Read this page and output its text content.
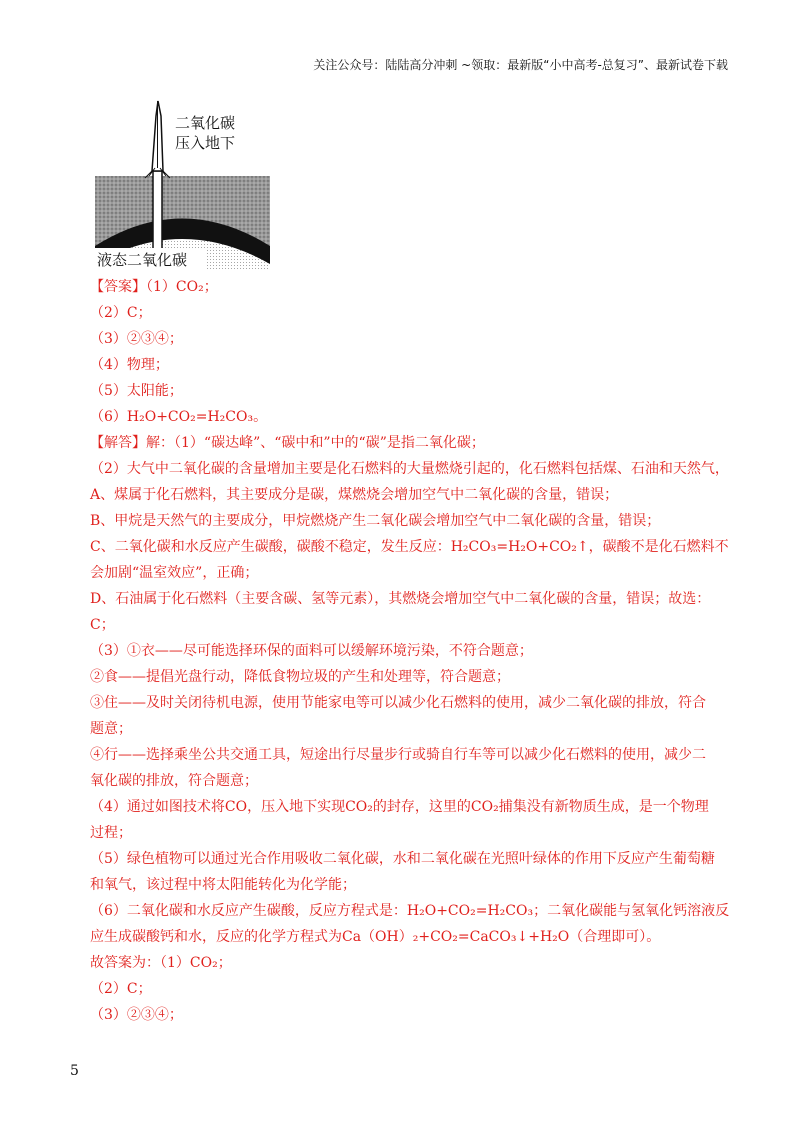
关注公众号：陆陆高分冲刺 ~领取：最新版“小中高考-总复习”、最新试卷下载
二氧化碳
压入地下
液态二氧化碳
【答案】（1）CO₂；
（2）C；
（3）②③④；
（4）物理；
（5）太阳能；
（6）H₂O+CO₂=H₂CO₃。
【解答】解：（1）“碳达峰”、“碳中和”中的“碳”是指二氧化碳；
（2）大气中二氧化碳的含量增加主要是化石燃料的大量燃烧引起的，化石燃料包括煤、石油和天然气，
A、煤属于化石燃料，其主要成分是碳，煤燃烧会增加空气中二氧化碳的含量，错误；
B、甲烷是天然气的主要成分，甲烷燃烧产生二氧化碳会增加空气中二氧化碳的含量，错误；
C、二氧化碳和水反应产生碳酸，碳酸不稳定，发生反应：H₂CO₃=H₂O+CO₂↑，碳酸不是化石燃料不
会加剧“温室效应”，正确；
D、石油属于化石燃料（主要含碳、氢等元素），其燃烧会增加空气中二氧化碳的含量，错误；故选：
C；
（3）①衣——尽可能选择环保的面料可以缓解环境污染，不符合题意；
②食——提倡光盘行动，降低食物垃圾的产生和处理等，符合题意；
③住——及时关闭待机电源，使用节能家电等可以减少化石燃料的使用，减少二氧化碳的排放，符合
题意；
④行——选择乘坐公共交通工具，短途出行尽量步行或骑自行车等可以减少化石燃料的使用，减少二
氧化碳的排放，符合题意；
（4）通过如图技术将CO，压入地下实现CO₂的封存，这里的CO₂捕集没有新物质生成，是一个物理
过程；
（5）绿色植物可以通过光合作用吸收二氧化碳，水和二氧化碳在光照叶绿体的作用下反应产生葡萄糖
和氧气，该过程中将太阳能转化为化学能；
（6）二氧化碳和水反应产生碳酸，反应方程式是：H₂O+CO₂=H₂CO₃；二氧化碳能与氢氧化钙溶液反
应生成碳酸钙和水，反应的化学方程式为Ca（OH）₂+CO₂=CaCO₃↓+H₂O（合理即可）。
故答案为：（1）CO₂；
（2）C；
（3）②③④；
5
